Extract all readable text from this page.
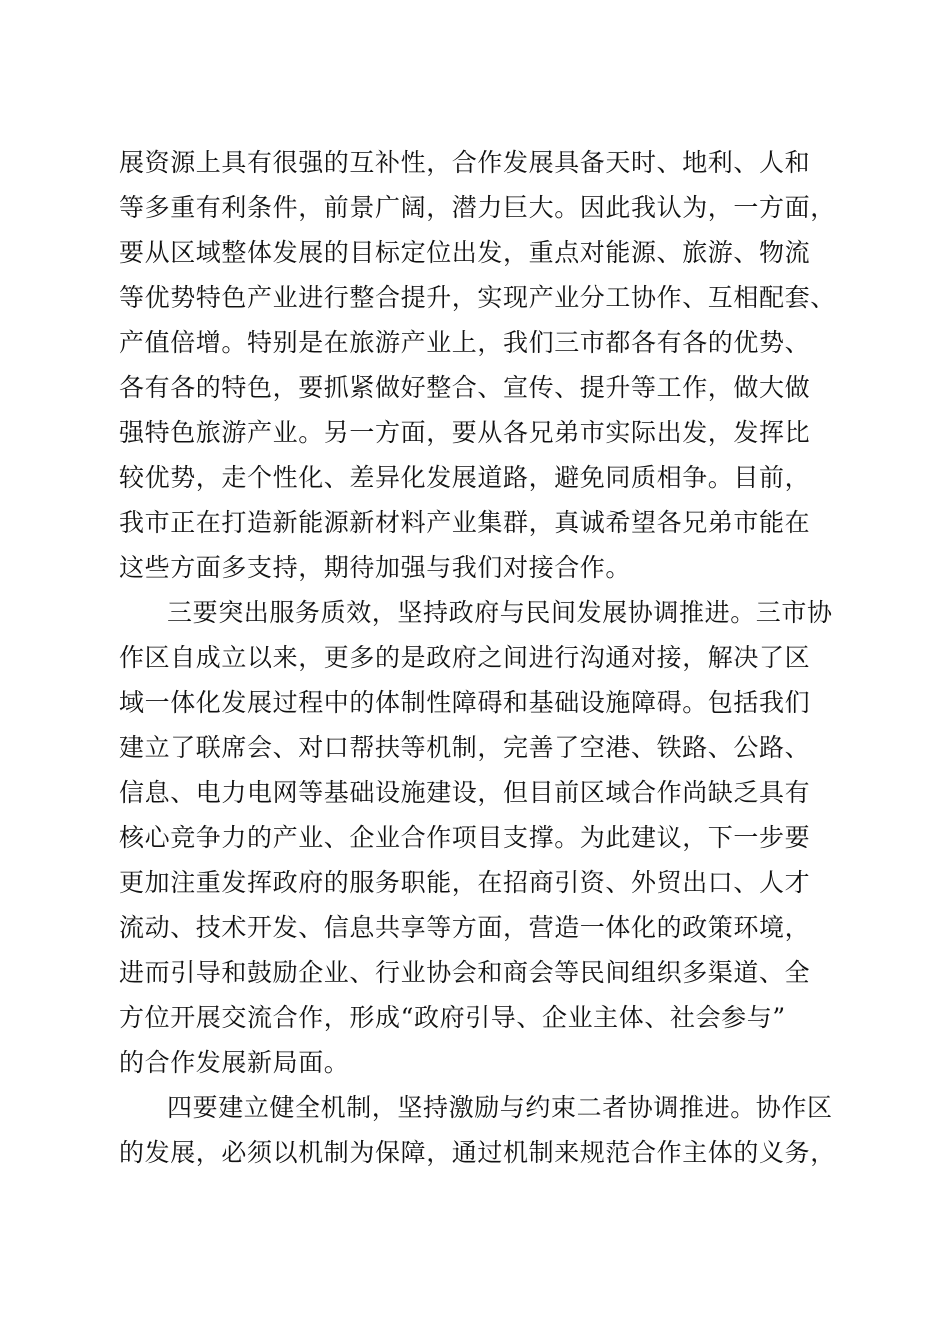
展资源上具有很强的互补性，合作发展具备天时、地利、人和
等多重有利条件，前景广阔，潜力巨大。因此我认为，一方面，
要从区域整体发展的目标定位出发，重点对能源、旅游、物流
等优势特色产业进行整合提升，实现产业分工协作、互相配套、
产值倍增。特别是在旅游产业上，我们三市都各有各的优势、
各有各的特色，要抓紧做好整合、宣传、提升等工作，做大做
强特色旅游产业。另一方面，要从各兄弟市实际出发，发挥比
较优势，走个性化、差异化发展道路，避免同质相争。目前，
我市正在打造新能源新材料产业集群，真诚希望各兄弟市能在
这些方面多支持，期待加强与我们对接合作。
三要突出服务质效，坚持政府与民间发展协调推进。三市协
作区自成立以来，更多的是政府之间进行沟通对接，解决了区
域一体化发展过程中的体制性障碍和基础设施障碍。包括我们
建立了联席会、对口帮扶等机制，完善了空港、铁路、公路、
信息、电力电网等基础设施建设，但目前区域合作尚缺乏具有
核心竞争力的产业、企业合作项目支撑。为此建议，下一步要
更加注重发挥政府的服务职能，在招商引资、外贸出口、人才
流动、技术开发、信息共享等方面，营造一体化的政策环境，
进而引导和鼓励企业、行业协会和商会等民间组织多渠道、全
方位开展交流合作，形成“政府引导、企业主体、社会参与”
的合作发展新局面。
四要建立健全机制，坚持激励与约束二者协调推进。协作区
的发展，必须以机制为保障，通过机制来规范合作主体的义务，
